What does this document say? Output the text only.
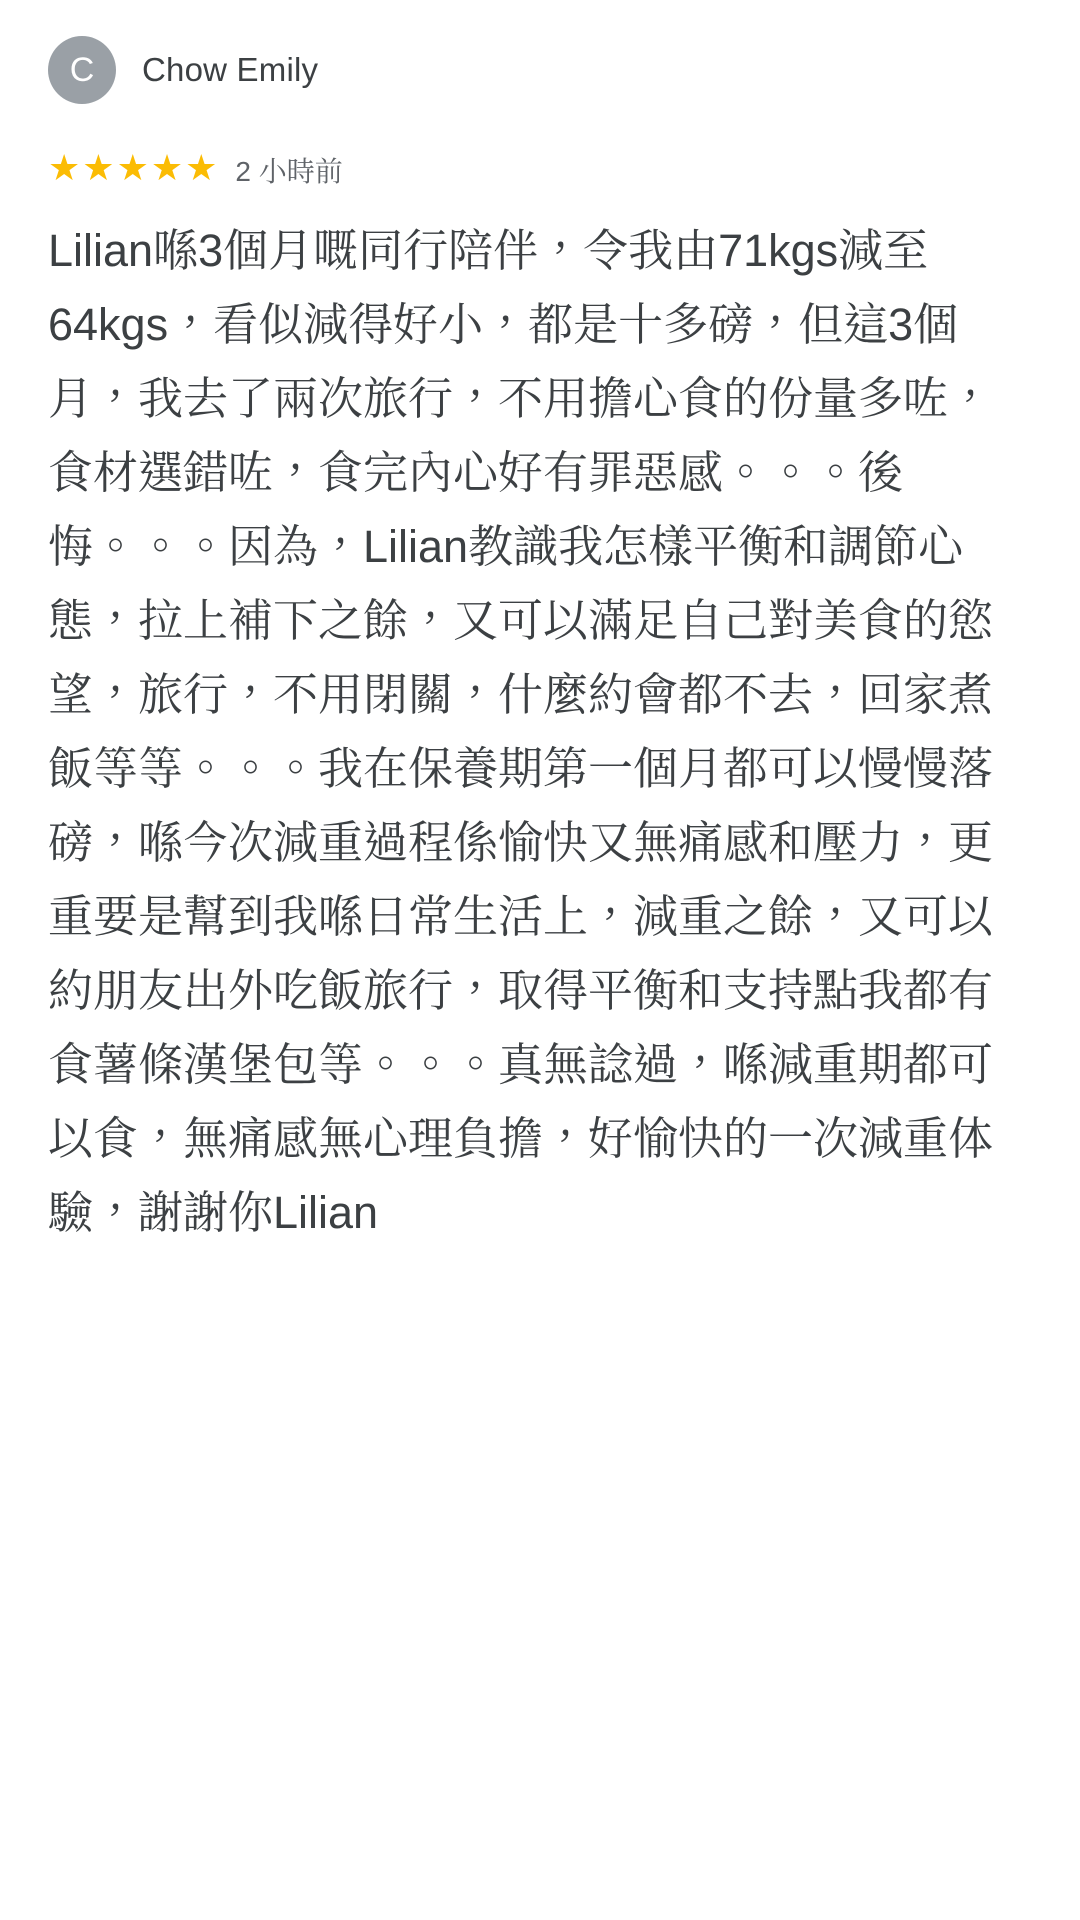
C	Chow Emily
★ ★ ★ ★ ★ 2 小時前
Lilian喺3個月嘅同行陪伴，令我由71kgs減至64kgs，看似減得好小，都是十多磅，但這3個月，我去了兩次旅行，不用擔心食的份量多咗，食材選錯咗，食完內心好有罪惡感。。。後悔。。。因為，Lilian教識我怎樣平衡和調節心態，拉上補下之餘，又可以滿足自己對美食的慾望，旅行，不用閉關，什麼約會都不去，回家煮飯等等。。。我在保養期第一個月都可以慢慢落磅，喺今次減重過程係愉快又無痛感和壓力，更重要是幫到我喺日常生活上，減重之餘，又可以約朋友出外吃飯旅行，取得平衡和支持點我都有食薯條漢堡包等。。。真無諗過，喺減重期都可以食，無痛感無心理負擔，好愉快的一次減重体驗，謝謝你Lilian
